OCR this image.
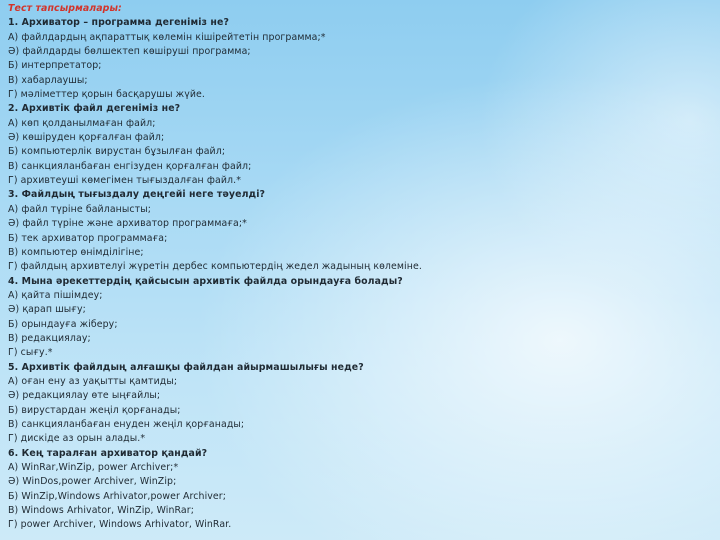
Тест тапсырмалары:
1. Архиватор – программа дегеніміз не?
А) файлдардың ақпараттық көлемін кішірейтетін программа;*
Ә) файлдарды бөлшектеп көшіруші программа;
Б) интерпретатор;
В) хабарлаушы;
Г) мәліметтер қорын басқарушы жүйе.
2. Архивтік файл дегеніміз не?
А) көп қолданылмаған файл;
Ә) көшіруден қорғалған файл;
Б) компьютерлік вирустан бұзылған файл;
В) санкцияланбаған енгізуден қорғалған файл;
Г) архивтеуші көмегімен тығыздалған файл.*
3. Файлдың тығыздалу деңгейі неге тәуелді?
А) файл түріне байланысты;
Ә) файл түріне және архиватор программаға;*
Б) тек архиватор программаға;
В) компьютер өнімділігіне;
Г) файлдың архивтелуі жүретін дербес компьютердің жедел жадының көлеміне.
4. Мына әрекеттердің қайсысын архивтік файлда орындауға болады?
А) қайта пішімдеу;
Ә) қарап шығу;
Б) орындауға жіберу;
В) редакциялау;
Г) сығу.*
5. Архивтік файлдың алғашқы файлдан айырмашылығы неде?
А) оған ену аз уақытты қамтиды;
Ә) редакциялау өте ыңғайлы;
Б) вирустардан жеңіл қорғанады;
В) санкцияланбаған енуден жеңіл қорғанады;
Г) дискіде аз орын алады.*
6. Кең таралған архиватор қандай?
А) WinRar,WinZip, power Archiver;*
Ә) WinDos,power Archiver, WinZip;
Б) WinZip,Windows Arhivator,power Archiver;
В) Windows Arhivator, WinZip, WinRar;
Г) power Archiver, Windows Arhivator, WinRar.
